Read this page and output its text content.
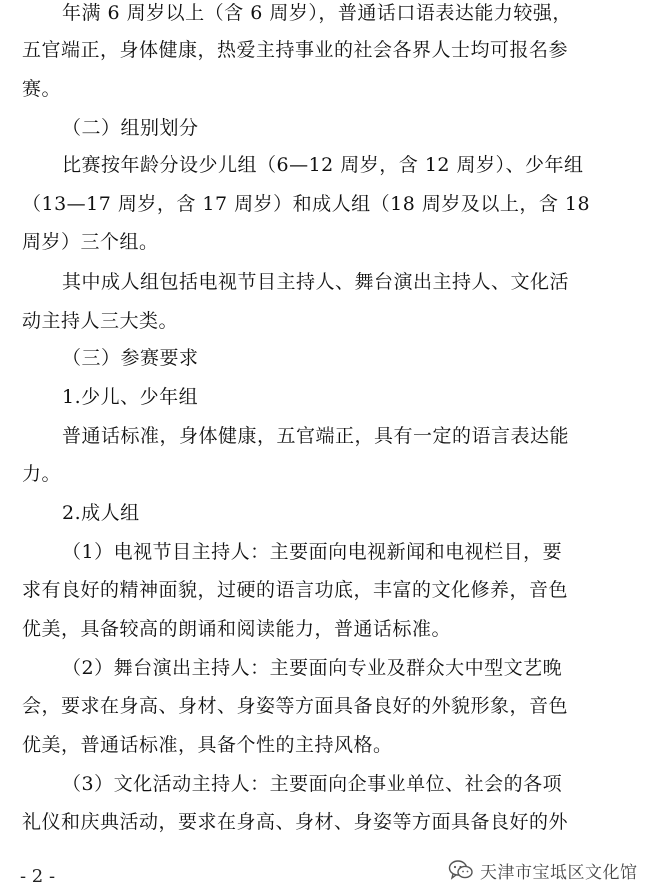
年满 6 周岁以上（含 6 周岁），普通话口语表达能力较强，
五官端正，身体健康，热爱主持事业的社会各界人士均可报名参
赛。
（二）组别划分
比赛按年龄分设少儿组（6—12 周岁，含 12 周岁）、少年组
（13—17 周岁，含 17 周岁）和成人组（18 周岁及以上，含 18
周岁）三个组。
其中成人组包括电视节目主持人、舞台演出主持人、文化活
动主持人三大类。
（三）参赛要求
1.少儿、少年组
普通话标准，身体健康，五官端正，具有一定的语言表达能
力。
2.成人组
（1）电视节目主持人：主要面向电视新闻和电视栏目，要
求有良好的精神面貌，过硬的语言功底，丰富的文化修养，音色
优美，具备较高的朗诵和阅读能力，普通话标准。
（2）舞台演出主持人：主要面向专业及群众大中型文艺晚
会，要求在身高、身材、身姿等方面具备良好的外貌形象，音色
优美，普通话标准，具备个性的主持风格。
（3）文化活动主持人：主要面向企事业单位、社会的各项
礼仪和庆典活动，要求在身高、身材、身姿等方面具备良好的外
- 2 -	天津市宝坻区文化馆
